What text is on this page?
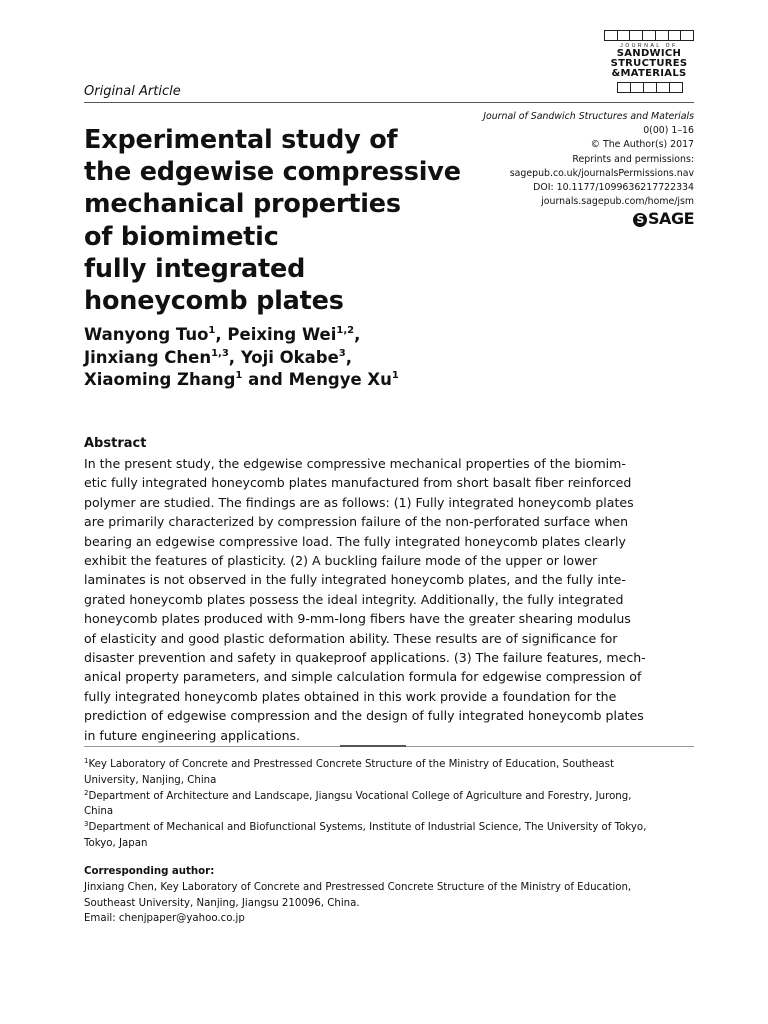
JOURNAL OF
SANDWICH
STRUCTURES
&MATERIALS
Original Article
Journal of Sandwich Structures and Materials
0(00) 1–16
© The Author(s) 2017
Reprints and permissions:
sagepub.co.uk/journalsPermissions.nav
DOI: 10.1177/1099636217722334
journals.sagepub.com/home/jsm
S SAGE
Experimental study of
the edgewise compressive
mechanical properties
of biomimetic
fully integrated
honeycomb plates
Wanyong Tuo$^1$, Peixing Wei$^{1,2}$,
Jinxiang Chen$^{1,3}$, Yoji Okabe$^3$,
Xiaoming Zhang$^1$ and Mengye Xu$^1$
Abstract
In the present study, the edgewise compressive mechanical properties of the biomim-
etic fully integrated honeycomb plates manufactured from short basalt fiber reinforced
polymer are studied. The findings are as follows: (1) Fully integrated honeycomb plates
are primarily characterized by compression failure of the non-perforated surface when
bearing an edgewise compressive load. The fully integrated honeycomb plates clearly
exhibit the features of plasticity. (2) A buckling failure mode of the upper or lower
laminates is not observed in the fully integrated honeycomb plates, and the fully inte-
grated honeycomb plates possess the ideal integrity. Additionally, the fully integrated
honeycomb plates produced with 9-mm-long fibers have the greater shearing modulus
of elasticity and good plastic deformation ability. These results are of significance for
disaster prevention and safety in quakeproof applications. (3) The failure features, mech-
anical property parameters, and simple calculation formula for edgewise compression of
fully integrated honeycomb plates obtained in this work provide a foundation for the
prediction of edgewise compression and the design of fully integrated honeycomb plates
in future engineering applications.
$^1$Key Laboratory of Concrete and Prestressed Concrete Structure of the Ministry of Education, Southeast
University, Nanjing, China
$^2$Department of Architecture and Landscape, Jiangsu Vocational College of Agriculture and Forestry, Jurong,
China
$^3$Department of Mechanical and Biofunctional Systems, Institute of Industrial Science, The University of Tokyo,
Tokyo, Japan
Corresponding author:
Jinxiang Chen, Key Laboratory of Concrete and Prestressed Concrete Structure of the Ministry of Education,
Southeast University, Nanjing, Jiangsu 210096, China.
Email: chenjpaper@yahoo.co.jp
